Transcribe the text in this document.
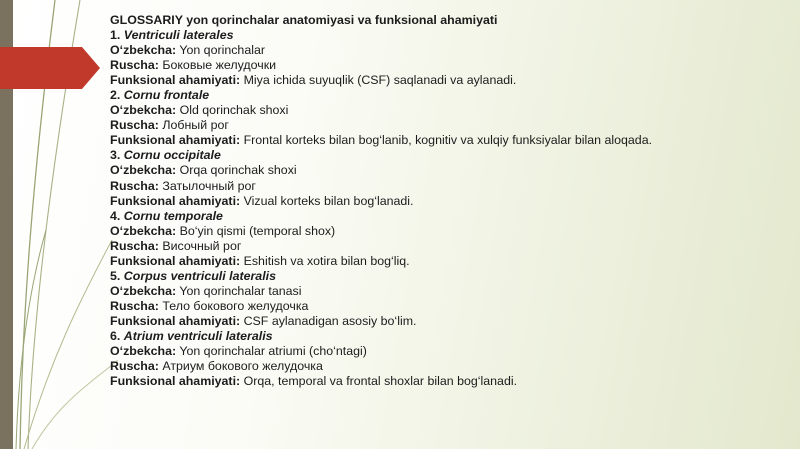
GLOSSARIY yon qorinchalar anatomiyasi va funksional ahamiyati
1. Ventriculi laterales
O‘zbekcha: Yon qorinchalar
Ruscha: Боковые желудочки
Funksional ahamiyati: Miya ichida suyuqlik (CSF) saqlanadi va aylanadi.
2. Cornu frontale
O‘zbekcha: Old qorinchak shoxi
Ruscha: Лобный рог
Funksional ahamiyati: Frontal korteks bilan bog‘lanib, kognitiv va xulqiy funksiyalar bilan aloqada.
3. Cornu occipitale
O‘zbekcha: Orqa qorinchak shoxi
Ruscha: Затылочный рог
Funksional ahamiyati: Vizual korteks bilan bog‘lanadi.
4. Cornu temporale
O‘zbekcha: Bo‘yin qismi (temporal shox)
Ruscha: Височный рог
Funksional ahamiyati: Eshitish va xotira bilan bog‘liq.
5. Corpus ventriculi lateralis
O‘zbekcha: Yon qorinchalar tanasi
Ruscha: Тело бокового желудочка
Funksional ahamiyati: CSF aylanadigan asosiy bo‘lim.
6. Atrium ventriculi lateralis
O‘zbekcha: Yon qorinchalar atriumi (cho‘ntagi)
Ruscha: Атриум бокового желудочка
Funksional ahamiyati: Orqa, temporal va frontal shoxlar bilan bog‘lanadi.
